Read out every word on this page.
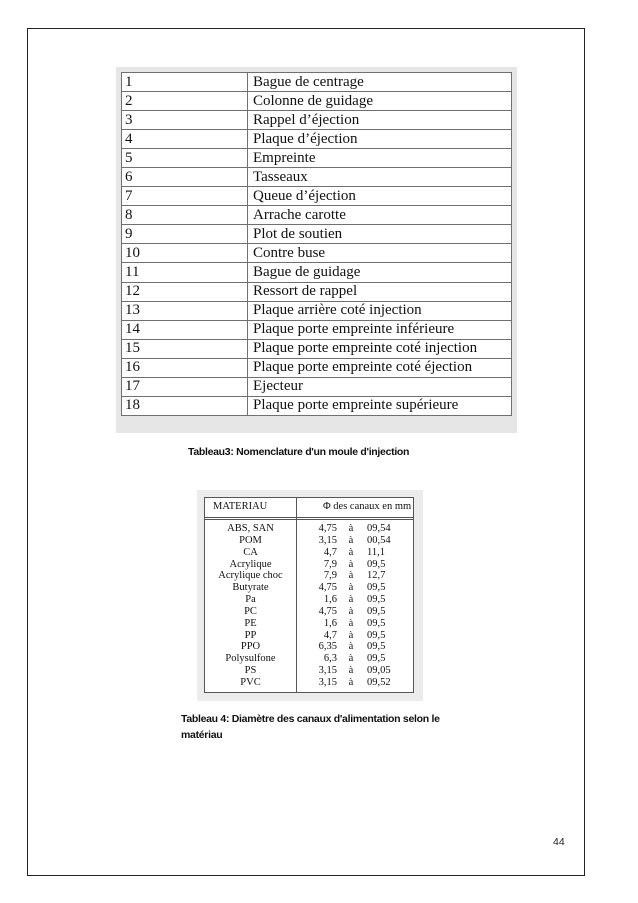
1	Bague de centrage
2	Colonne de guidage
3	Rappel d’éjection
4	Plaque d’éjection
5	Empreinte
6	Tasseaux
7	Queue d’éjection
8	Arrache carotte
9	Plot de soutien
10	Contre buse
11	Bague de guidage
12	Ressort de rappel
13	Plaque arrière coté injection
14	Plaque porte empreinte inférieure
15	Plaque porte empreinte coté injection
16	Plaque porte empreinte coté éjection
17	Ejecteur
18	Plaque porte empreinte supérieure
Tableau3: Nomenclature d'un moule d'injection
MATERIAU	Φ des canaux en mm
ABS, SAN	4,75	à	09,54
POM	3,15	à	00,54
CA	4,7	à	11,1
Acrylique	7,9	à	09,5
Acrylique choc	7,9	à	12,7
Butyrate	4,75	à	09,5
Pa	1,6	à	09,5
PC	4,75	à	09,5
PE	1,6	à	09,5
PP	4,7	à	09,5
PPO	6,35	à	09,5
Polysulfone	6,3	à	09,5
PS	3,15	à	09,05
PVC	3,15	à	09,52
Tableau 4: Diamètre des canaux d'alimentation selon le matériau
44
